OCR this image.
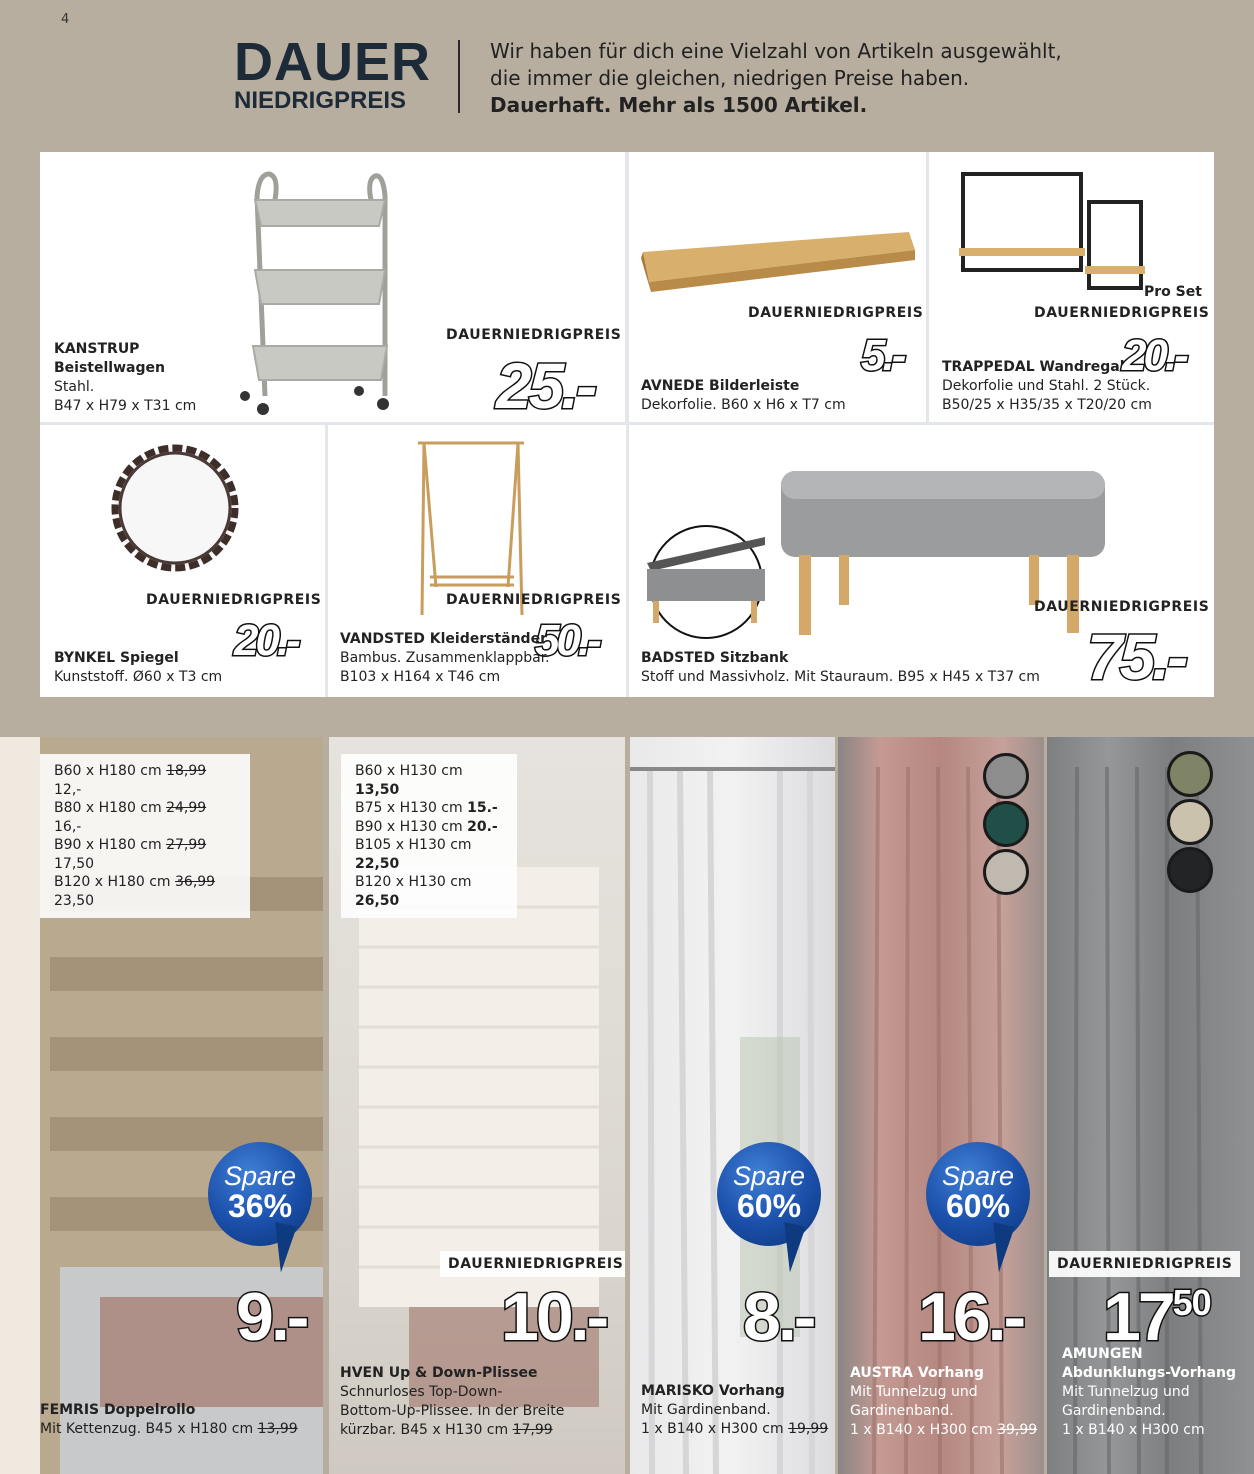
4
DAUER
NIEDRIGPREIS
Wir haben für dich eine Vielzahl von Artikeln ausgewählt,
die immer die gleichen, niedrigen Preise haben.
Dauerhaft. Mehr als 1500 Artikel.
KANSTRUP
Beistellwagen
Stahl.
B47 x H79 x T31 cm
DAUERNIEDRIGPREIS
25.-
DAUERNIEDRIGPREIS
5.-
AVNEDE Bilderleiste
Dekorfolie. B60 x H6 x T7 cm
Pro Set
DAUERNIEDRIGPREIS
TRAPPEDAL Wandregal
20.-
Dekorfolie und Stahl. 2 Stück.
B50/25 x H35/35 x T20/20 cm
DAUERNIEDRIGPREIS
20.-
BYNKEL Spiegel
Kunststoff. Ø60 x T3 cm
DAUERNIEDRIGPREIS
50.-
VANDSTED Kleiderständer
Bambus. Zusammenklappbar.
B103 x H164 x T46 cm
DAUERNIEDRIGPREIS
75.-
BADSTED Sitzbank
Stoff und Massivholz. Mit Stauraum. B95 x H45 x T37 cm
B60 x H180 cm 18,99 12,-
B80 x H180 cm 24,99 16,-
B90 x H180 cm 27,99 17,50
B120 x H180 cm 36,99 23,50
Spare
36%
9.-
FEMRIS Doppelrollo
Mit Kettenzug. B45 x H180 cm 13,99
B60 x H130 cm 13,50
B75 x H130 cm 15.-
B90 x H130 cm 20.-
B105 x H130 cm 22,50
B120 x H130 cm 26,50
DAUERNIEDRIGPREIS
10.-
HVEN Up & Down-Plissee
Schnurloses Top-Down-
Bottom-Up-Plissee. In der Breite
kürzbar. B45 x H130 cm 17,99
Spare
60%
8.-
MARISKO Vorhang
Mit Gardinenband.
1 x B140 x H300 cm 19,99
Spare
60%
16.-
AUSTRA Vorhang
Mit Tunnelzug und
Gardinenband.
1 x B140 x H300 cm 39,99
DAUERNIEDRIGPREIS
$17^{50}$
AMUNGEN
Abdunklungs-Vorhang
Mit Tunnelzug und
Gardinenband.
1 x B140 x H300 cm
